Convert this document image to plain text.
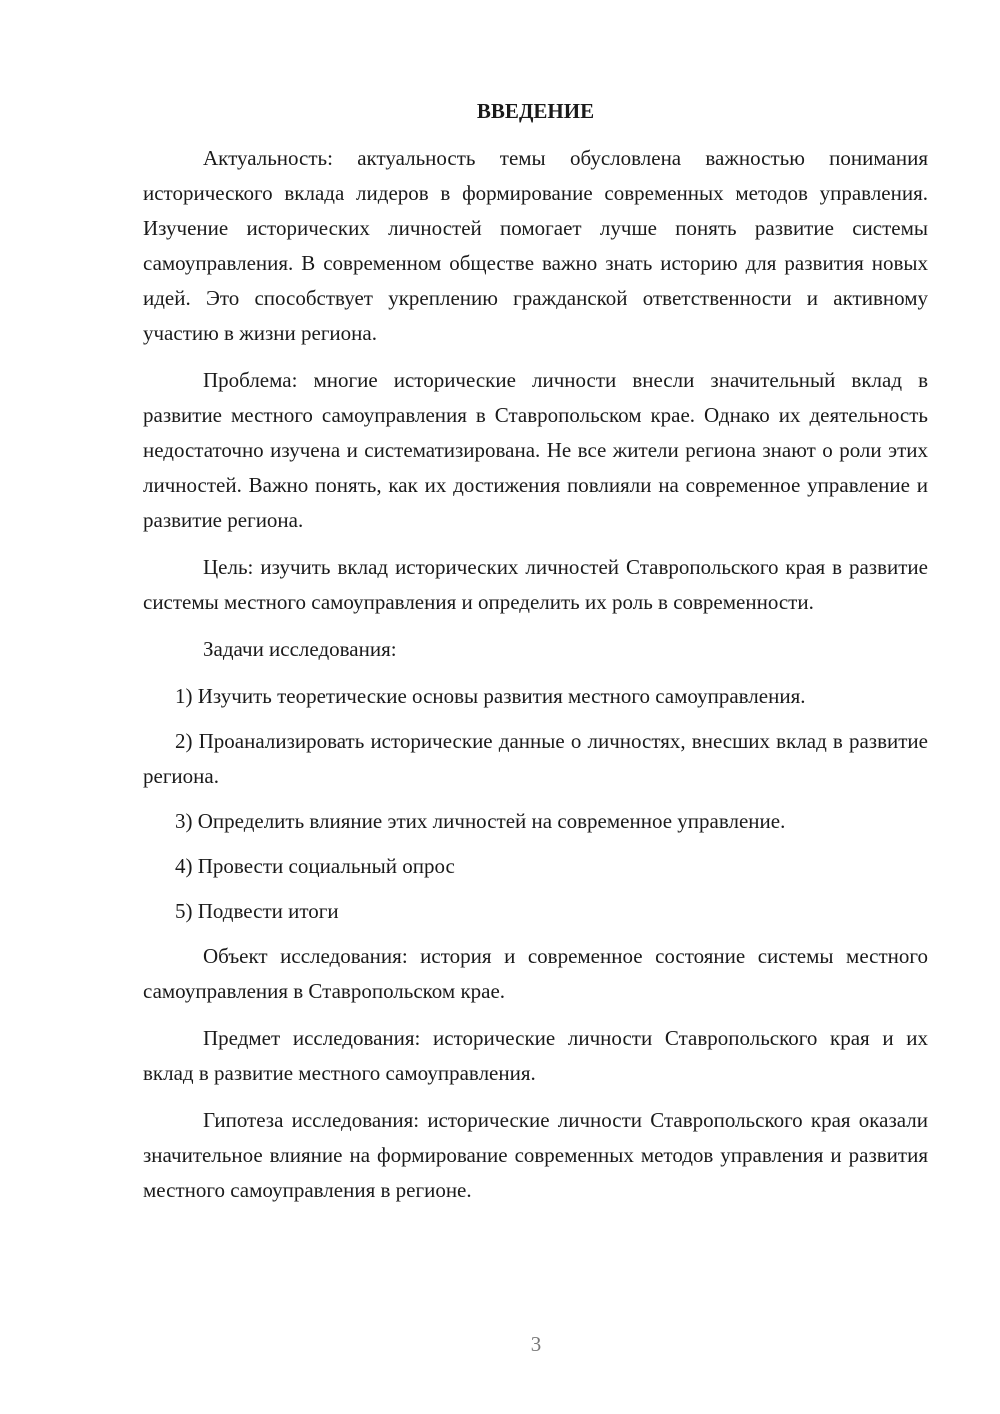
ВВЕДЕНИЕ

Актуальность: актуальность темы обусловлена важностью понимания исторического вклада лидеров в формирование современных методов управления. Изучение исторических личностей помогает лучше понять развитие системы самоуправления. В современном обществе важно знать историю для развития новых идей. Это способствует укреплению гражданской ответственности и активному участию в жизни региона.

Проблема: многие исторические личности внесли значительный вклад в развитие местного самоуправления в Ставропольском крае. Однако их деятельность недостаточно изучена и систематизирована. Не все жители региона знают о роли этих личностей. Важно понять, как их достижения повлияли на современное управление и развитие региона.

Цель: изучить вклад исторических личностей Ставропольского края в развитие системы местного самоуправления и определить их роль в современности.

Задачи исследования:

1) Изучить теоретические основы развития местного самоуправления.

2) Проанализировать исторические данные о личностях, внесших вклад в развитие региона.

3) Определить влияние этих личностей на современное управление.

4) Провести социальный опрос

5) Подвести итоги

Объект исследования: история и современное состояние системы местного самоуправления в Ставропольском крае.

Предмет исследования: исторические личности Ставропольского края и их вклад в развитие местного самоуправления.

Гипотеза исследования: исторические личности Ставропольского края оказали значительное влияние на формирование современных методов управления и развития местного самоуправления в регионе.

3
